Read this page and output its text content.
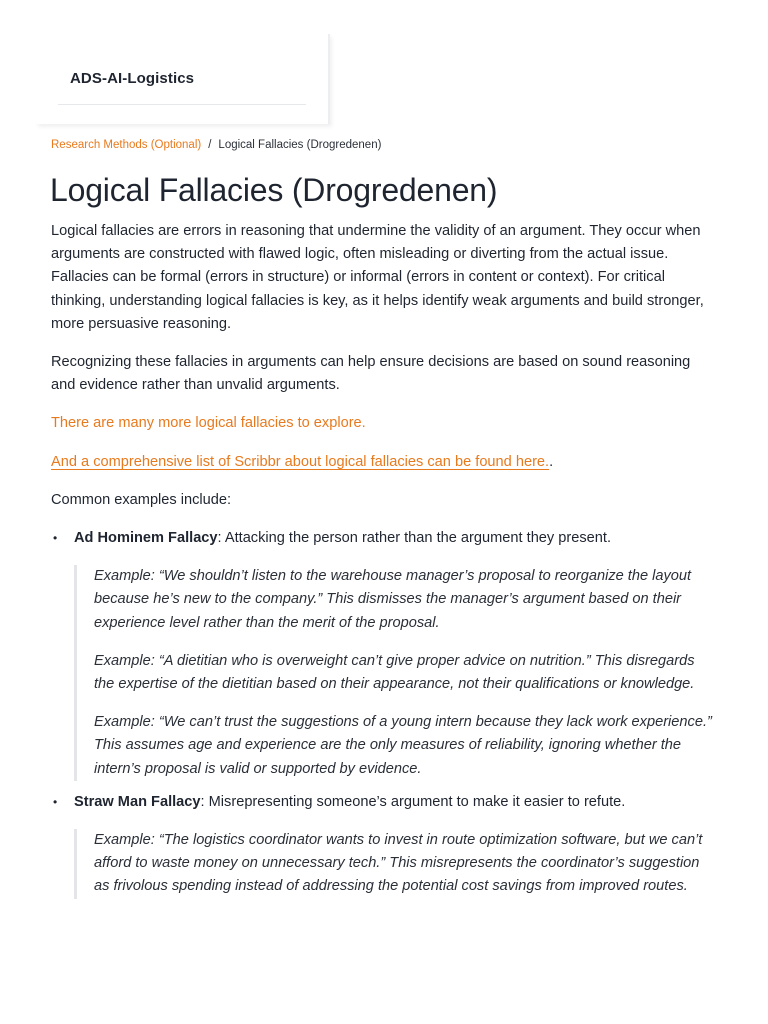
ADS-AI-Logistics
Research Methods (Optional) / Logical Fallacies (Drogredenen)
Logical Fallacies (Drogredenen)

Logical fallacies are errors in reasoning that undermine the validity of an argument. They occur when arguments are constructed with flawed logic, often misleading or diverting from the actual issue. Fallacies can be formal (errors in structure) or informal (errors in content or context). For critical thinking, understanding logical fallacies is key, as it helps identify weak arguments and build stronger, more persuasive reasoning.

Recognizing these fallacies in arguments can help ensure decisions are based on sound reasoning and evidence rather than unvalid arguments.

There are many more logical fallacies to explore.

And a comprehensive list of Scribbr about logical fallacies can be found here..

Common examples include:

• Ad Hominem Fallacy: Attacking the person rather than the argument they present.

Example: “We shouldn’t listen to the warehouse manager’s proposal to reorganize the layout because he’s new to the company.” This dismisses the manager’s argument based on their experience level rather than the merit of the proposal.

Example: “A dietitian who is overweight can’t give proper advice on nutrition.” This disregards the expertise of the dietitian based on their appearance, not their qualifications or knowledge.

Example: “We can’t trust the suggestions of a young intern because they lack work experience.” This assumes age and experience are the only measures of reliability, ignoring whether the intern’s proposal is valid or supported by evidence.

• Straw Man Fallacy: Misrepresenting someone’s argument to make it easier to refute.

Example: “The logistics coordinator wants to invest in route optimization software, but we can’t afford to waste money on unnecessary tech.” This misrepresents the coordinator’s suggestion as frivolous spending instead of addressing the potential cost savings from improved routes.
